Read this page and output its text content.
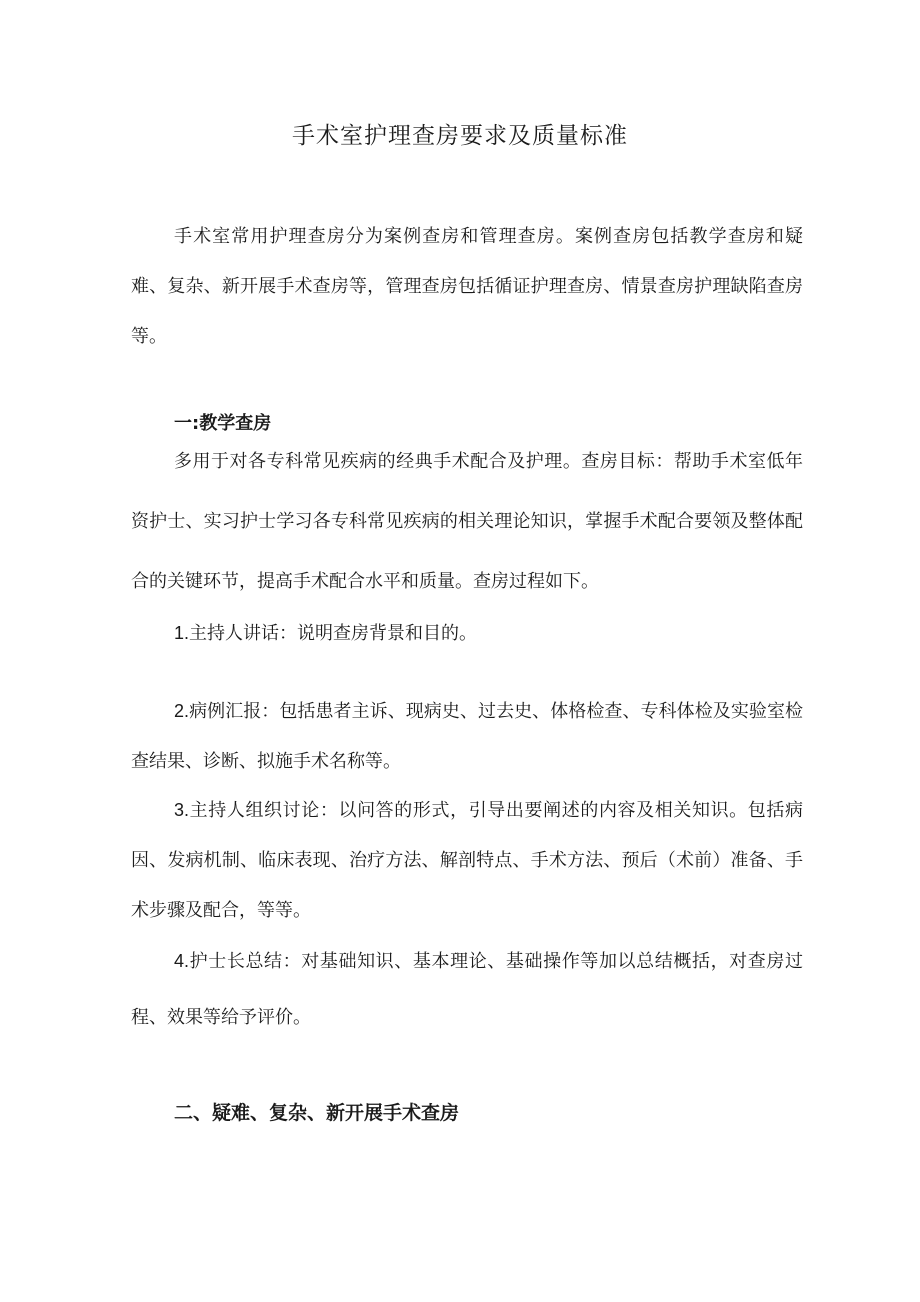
手术室护理查房要求及质量标准
手术室常用护理查房分为案例查房和管理查房。案例查房包括教学查房和疑难、复杂、新开展手术查房等，管理查房包括循证护理查房、情景查房护理缺陷查房等。
一:教学查房
多用于对各专科常见疾病的经典手术配合及护理。查房目标：帮助手术室低年资护士、实习护士学习各专科常见疾病的相关理论知识，掌握手术配合要领及整体配合的关键环节，提高手术配合水平和质量。查房过程如下。
1.主持人讲话：说明查房背景和目的。
2.病例汇报：包括患者主诉、现病史、过去史、体格检查、专科体检及实验室检查结果、诊断、拟施手术名称等。
3.主持人组织讨论：以问答的形式，引导出要阐述的内容及相关知识。包括病因、发病机制、临床表现、治疗方法、解剖特点、手术方法、预后（术前）准备、手术步骤及配合，等等。
4.护士长总结：对基础知识、基本理论、基础操作等加以总结概括，对查房过程、效果等给予评价。
二、疑难、复杂、新开展手术查房
